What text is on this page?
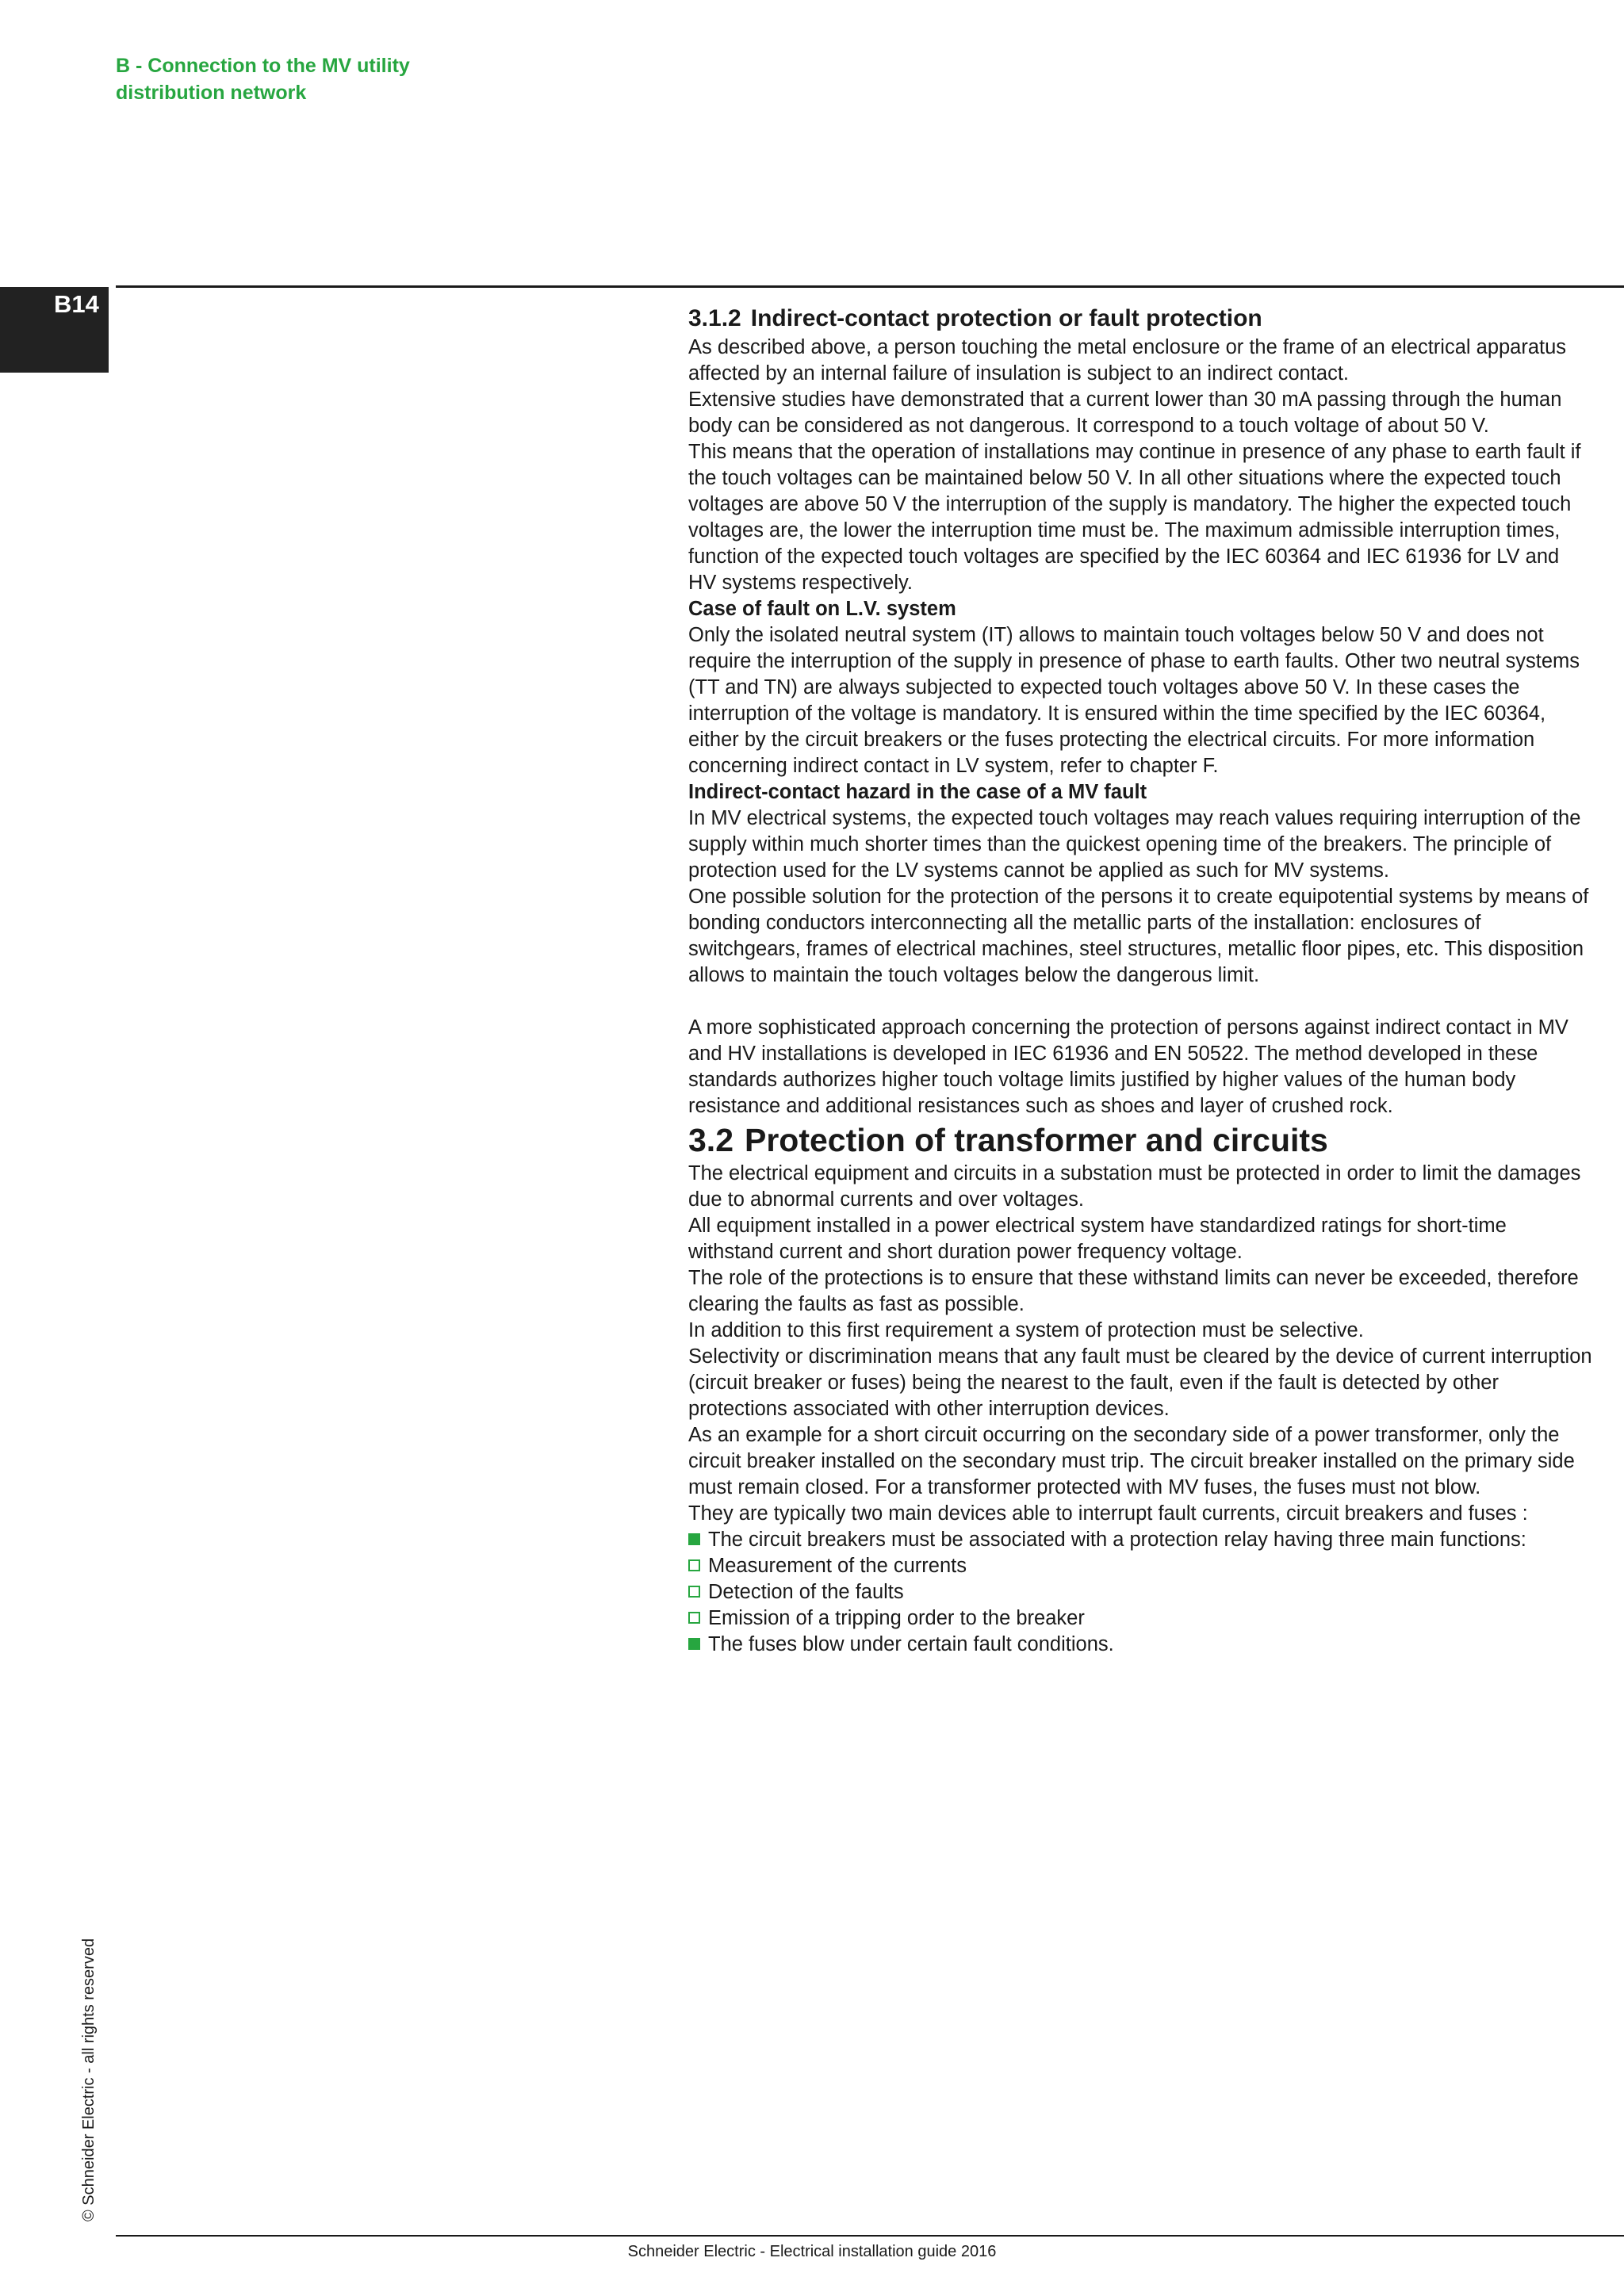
B - Connection to the MV utility
distribution network
B14

3.1.2 Indirect-contact protection or fault protection

As described above, a person touching the metal enclosure or the frame of an electrical apparatus affected by an internal failure of insulation is subject to an indirect contact.

Extensive studies have demonstrated that a current lower than 30 mA passing through the human body can be considered as not dangerous. It correspond to a touch voltage of about 50 V.

This means that the operation of installations may continue in presence of any phase to earth fault if the touch voltages can be maintained below 50 V. In all other situations where the expected touch voltages are above 50 V the interruption of the supply is mandatory. The higher the expected touch voltages are, the lower the interruption time must be. The maximum admissible interruption times, function of the expected touch voltages are specified by the IEC 60364 and IEC 61936 for LV and HV systems respectively.

Case of fault on L.V. system

Only the isolated neutral system (IT) allows to maintain touch voltages below 50 V and does not require the interruption of the supply in presence of phase to earth faults. Other two neutral systems (TT and TN) are always subjected to expected touch voltages above 50 V. In these cases the interruption of the voltage is mandatory. It is ensured within the time specified by the IEC 60364, either by the circuit breakers or the fuses protecting the electrical circuits. For more information concerning indirect contact in LV system, refer to chapter F.

Indirect-contact hazard in the case of a MV fault

In MV electrical systems, the expected touch voltages may reach values requiring interruption of the supply within much shorter times than the quickest opening time of the breakers. The principle of protection used for the LV systems cannot be applied as such for MV systems.

One possible solution for the protection of the persons it to create equipotential systems by means of bonding conductors interconnecting all the metallic parts of the installation: enclosures of switchgears, frames of electrical machines, steel structures, metallic floor pipes, etc. This disposition allows to maintain the touch voltages below the dangerous limit.

A more sophisticated approach concerning the protection of persons against indirect contact in MV and HV installations is developed in IEC 61936 and EN 50522. The method developed in these standards authorizes higher touch voltage limits justified by higher values of the human body resistance and additional resistances such as shoes and layer of crushed rock.

3.2 Protection of transformer and circuits

The electrical equipment and circuits in a substation must be protected in order to limit the damages due to abnormal currents and over voltages.

All equipment installed in a power electrical system have standardized ratings for short-time withstand current and short duration power frequency voltage.

The role of the protections is to ensure that these withstand limits can never be exceeded, therefore clearing the faults as fast as possible.

In addition to this first requirement a system of protection must be selective.

Selectivity or discrimination means that any fault must be cleared by the device of current interruption (circuit breaker or fuses) being the nearest to the fault, even if the fault is detected by other protections associated with other interruption devices.

As an example for a short circuit occurring on the secondary side of a power transformer, only the circuit breaker installed on the secondary must trip. The circuit breaker installed on the primary side must remain closed. For a transformer protected with MV fuses, the fuses must not blow.

They are typically two main devices able to interrupt fault currents, circuit breakers and fuses :

The circuit breakers must be associated with a protection relay having three main functions:

Measurement of the currents

Detection of the faults

Emission of a tripping order to the breaker

The fuses blow under certain fault conditions.

© Schneider Electric - all rights reserved
Schneider Electric - Electrical installation guide 2016
